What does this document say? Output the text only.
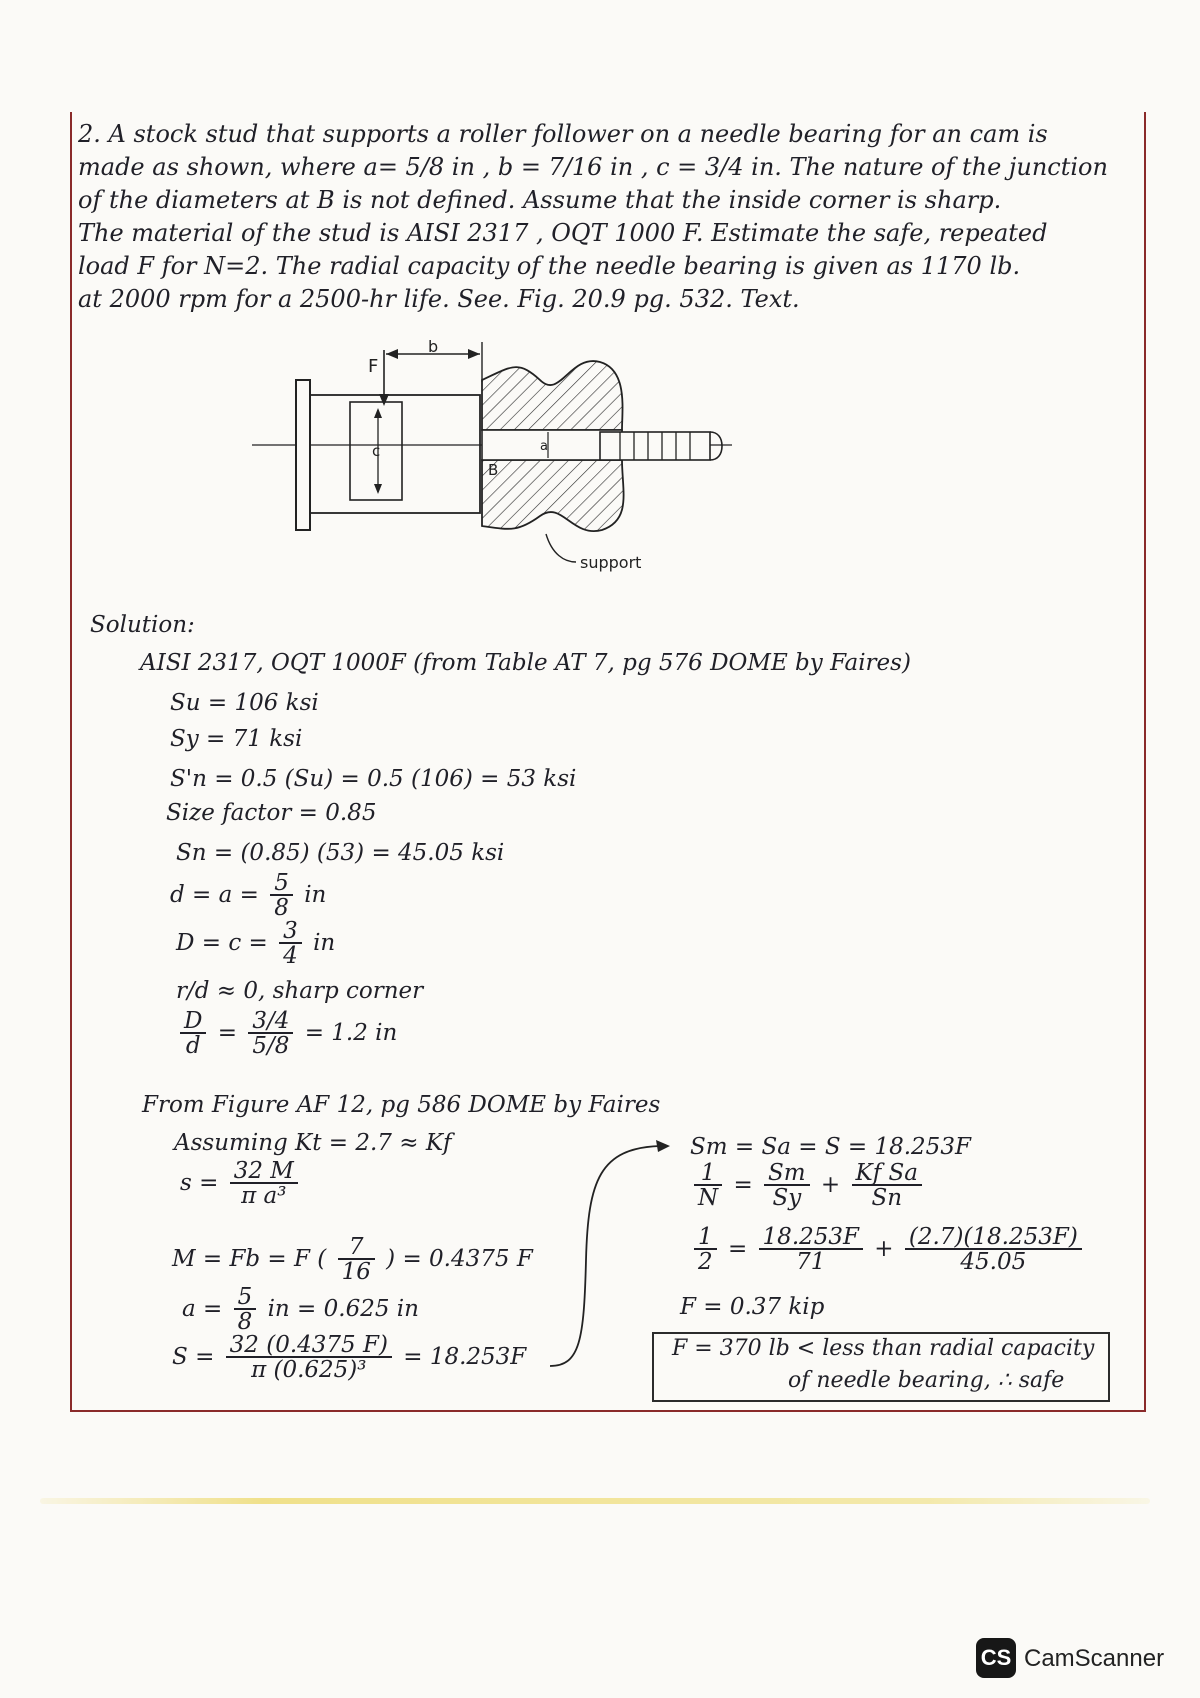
2. A stock stud that supports a roller follower on a needle bearing for an cam is
made as shown, where a= 5/8 in , b = 7/16 in , c = 3/4 in. The nature of the junction
of the diameters at B is not defined. Assume that the inside corner is sharp.
The material of the stud is AISI 2317 , OQT 1000 F. Estimate the safe, repeated
load F for N=2. The radial capacity of the needle bearing is given as 1170 lb.
at 2000 rpm for a 2500-hr life. See. Fig. 20.9 pg. 532. Text.
F
b
c
B
a
support
Solution:
AISI 2317, OQT 1000F (from Table AT 7, pg 576 DOME by Faires)
Su = 106 ksi
Sy = 71 ksi
S'n = 0.5 (Su) = 0.5 (106) = 53 ksi
Size factor = 0.85
Sn = (0.85) (53) = 45.05 ksi
$d = a = \frac{5}{8}$ in
$D = c = \frac{3}{4}$ in
r/d ≈ 0, sharp corner
$\frac{D}{d} = \frac{3/4}{5/8} = 1.2$ in
From Figure AF 12, pg 586 DOME by Faires
Assuming Kt = 2.7 ≈ Kf
$s = \frac{32 M}{\text{π a³}}$
M = Fb = F ( $\frac{7}{16}$ ) = 0.4375 F
$a = \frac{5}{8}$ in = 0.625 in
$S = \frac{32 (0.4375 F)}{\text{π (0.625)³}} = 18.253F$
Sm = Sa = S = 18.253F
$\frac{1}{N} = \frac{Sm}{Sy} + \frac{\text{Kf Sa}}{Sn}$
$\frac{1}{2} = \frac{18.253F}{71} + \frac{(2.7)(18.253F)}{45.05}$
F = 0.37 kip
F = 370 lb < less than radial capacity
of needle bearing, ∴ safe
CS CamScanner
